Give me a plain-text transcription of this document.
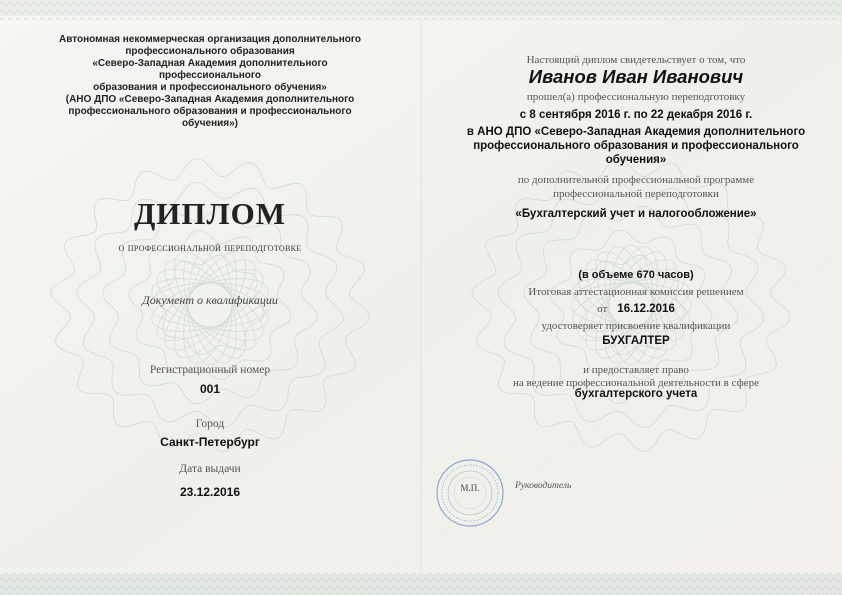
Автономная некоммерческая организация дополнительного
профессионального образования
«Северо-Западная Академия дополнительного профессионального
образования и профессионального обучения»
(АНО ДПО «Северо-Западная Академия дополнительного
профессионального образования и профессионального обучения»)
ДИПЛОМ
о профессиональной переподготовке
Документ о квалификации
Регистрационный номер
001
Город
Санкт-Петербург
Дата выдачи
23.12.2016
Настоящий диплом свидетельствует о том, что
Иванов Иван Иванович
прошел(а) профессиональную переподготовку
с 8 сентября 2016 г. по 22 декабря 2016 г.
в АНО ДПО «Северо-Западная Академия дополнительного
профессионального образования и профессионального
обучения»
по дополнительной профессиональной программе
профессиональной переподготовки
«Бухгалтерский учет и налогообложение»
(в объеме 670 часов)
Итоговая аттестационная комиссия решением
от 16.12.2016
удостоверяет присвоение квалификации
БУХГАЛТЕР
и предоставляет право
на ведение профессиональной деятельности в сфере
бухгалтерского учета
М.П.	Руководитель
